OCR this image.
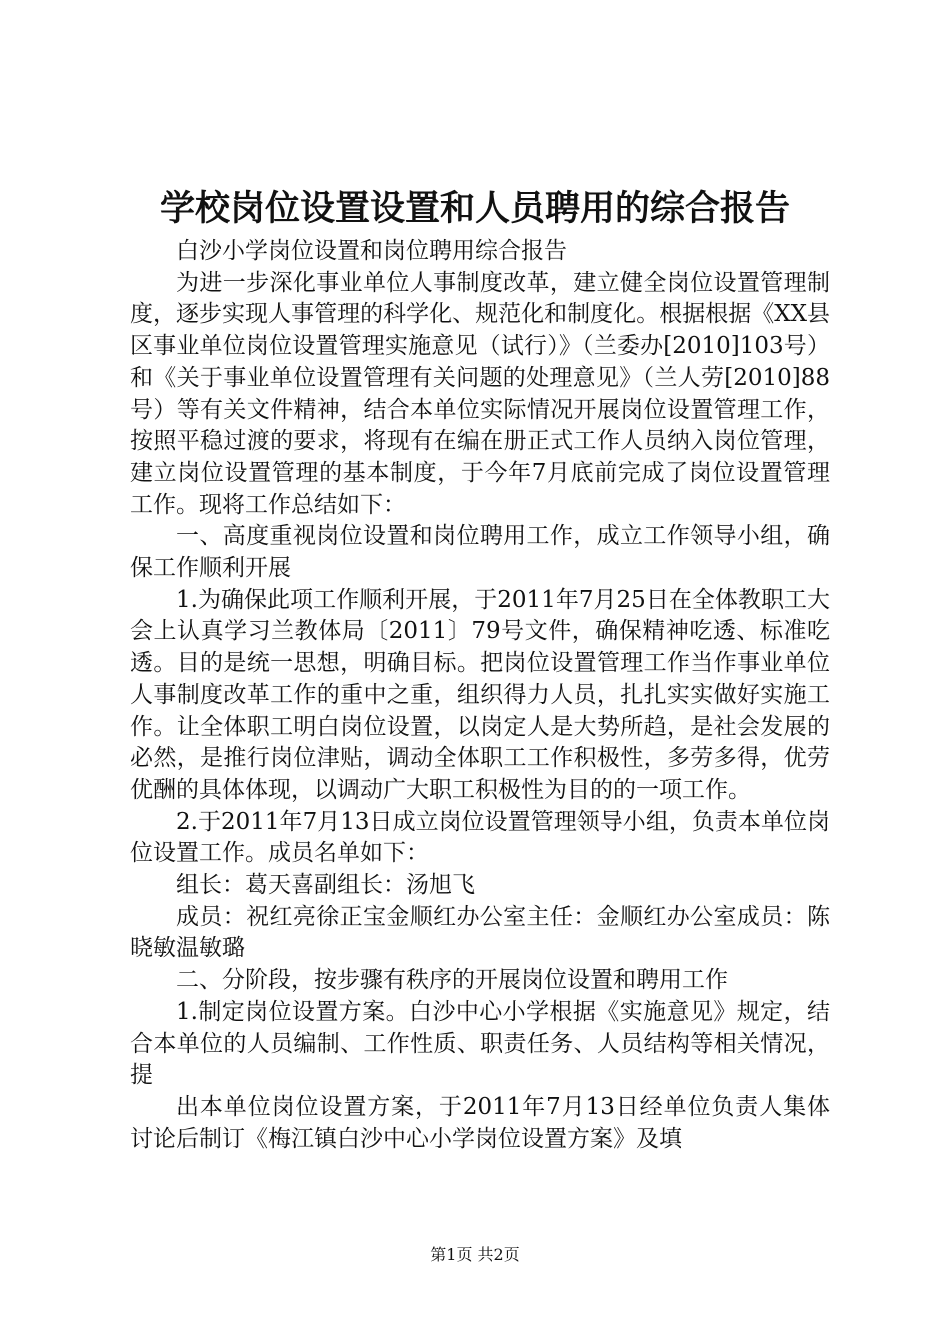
学校岗位设置设置和人员聘用的综合报告

白沙小学岗位设置和岗位聘用综合报告

为进一步深化事业单位人事制度改革，建立健全岗位设置管理制度，逐步实现人事管理的科学化、规范化和制度化。根据根据《XX县区事业单位岗位设置管理实施意见（试行）》（兰委办[2010]103号）和《关于事业单位设置管理有关问题的处理意见》（兰人劳[2010]88号）等有关文件精神，结合本单位实际情况开展岗位设置管理工作，按照平稳过渡的要求，将现有在编在册正式工作人员纳入岗位管理，建立岗位设置管理的基本制度，于今年7月底前完成了岗位设置管理工作。现将工作总结如下：

一、高度重视岗位设置和岗位聘用工作，成立工作领导小组，确保工作顺利开展

1.为确保此项工作顺利开展，于2011年7月25日在全体教职工大会上认真学习兰教体局〔2011〕79号文件，确保精神吃透、标准吃透。目的是统一思想，明确目标。把岗位设置管理工作当作事业单位人事制度改革工作的重中之重，组织得力人员，扎扎实实做好实施工作。让全体职工明白岗位设置，以岗定人是大势所趋，是社会发展的必然，是推行岗位津贴，调动全体职工工作积极性，多劳多得，优劳优酬的具体体现，以调动广大职工积极性为目的的一项工作。

2.于2011年7月13日成立岗位设置管理领导小组，负责本单位岗位设置工作。成员名单如下：

组长：葛天喜副组长：汤旭飞

成员：祝红亮徐正宝金顺红办公室主任：金顺红办公室成员：陈晓敏温敏璐

二、分阶段，按步骤有秩序的开展岗位设置和聘用工作

1.制定岗位设置方案。白沙中心小学根据《实施意见》规定，结合本单位的人员编制、工作性质、职责任务、人员结构等相关情况，提

出本单位岗位设置方案，于2011年7月13日经单位负责人集体讨论后制订《梅江镇白沙中心小学岗位设置方案》及填

第1页 共2页
